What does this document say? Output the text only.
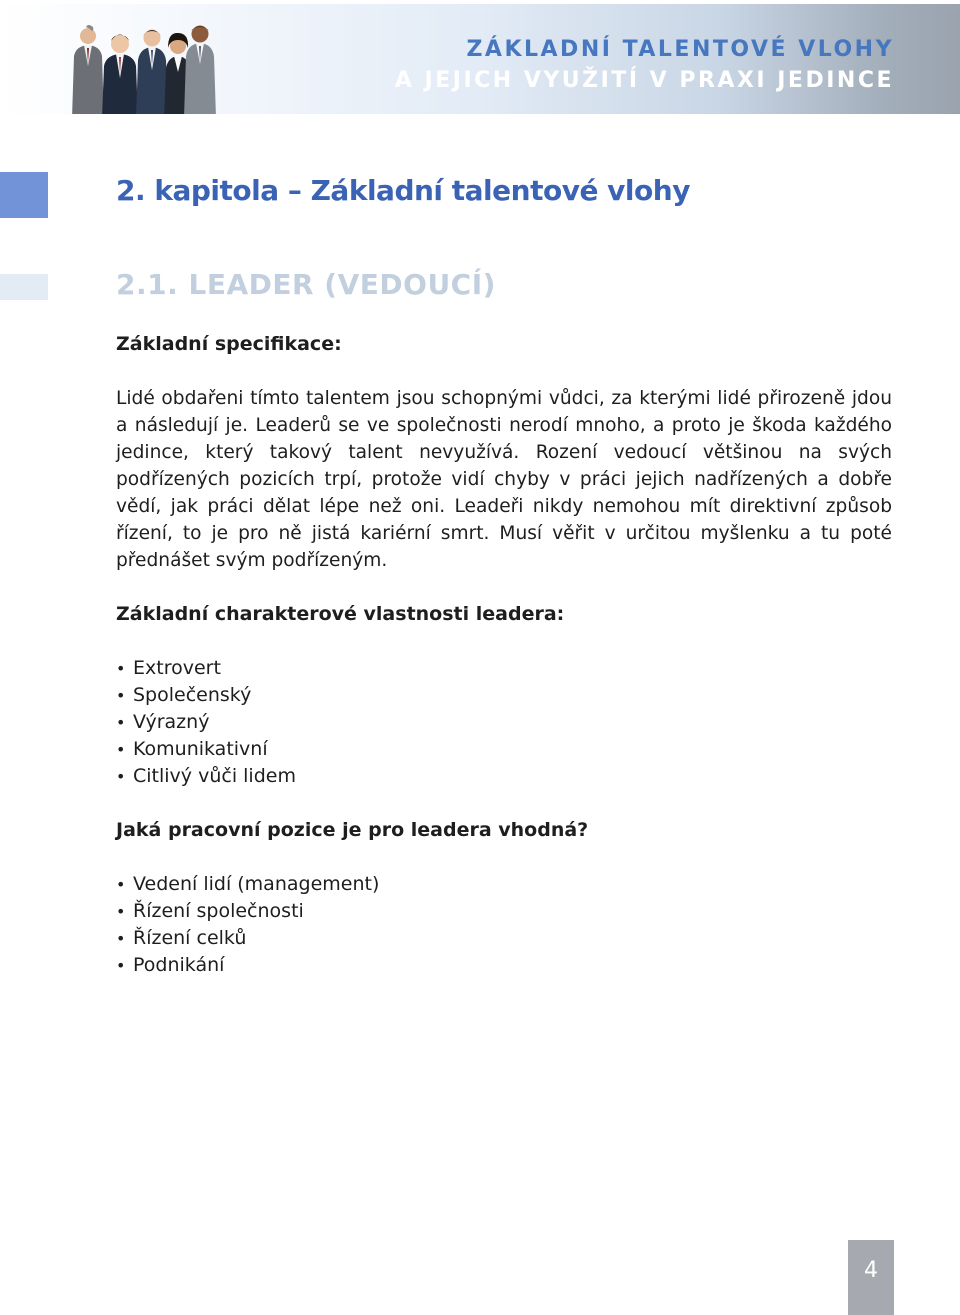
ZÁKLADNÍ TALENTOVÉ VLOHY
A JEJICH VYUŽITÍ V PRAXI JEDINCE
2. kapitola – Základní talentové vlohy
2.1. LEADER (VEDOUCÍ)
Základní specifikace:

Lidé obdařeni tímto talentem jsou schopnými vůdci, za kterými lidé přirozeně jdou a následují je. Leaderů se ve společnosti nerodí mnoho, a proto je škoda každého jedince, který takový talent nevyužívá. Rození vedoucí většinou na svých podřízených pozicích trpí, protože vidí chyby v práci jejich nadřízených a dobře vědí, jak práci dělat lépe než oni. Leadeři nikdy nemohou mít direktivní způsob řízení, to je pro ně jistá kariérní smrt. Musí věřit v určitou myšlenku a tu poté přednášet svým podřízeným.

Základní charakterové vlastnosti leadera:
• Extrovert
• Společenský
• Výrazný
• Komunikativní
• Citlivý vůči lidem
Jaká pracovní pozice je pro leadera vhodná?
• Vedení lidí (management)
• Řízení společnosti
• Řízení celků
• Podnikání
4
